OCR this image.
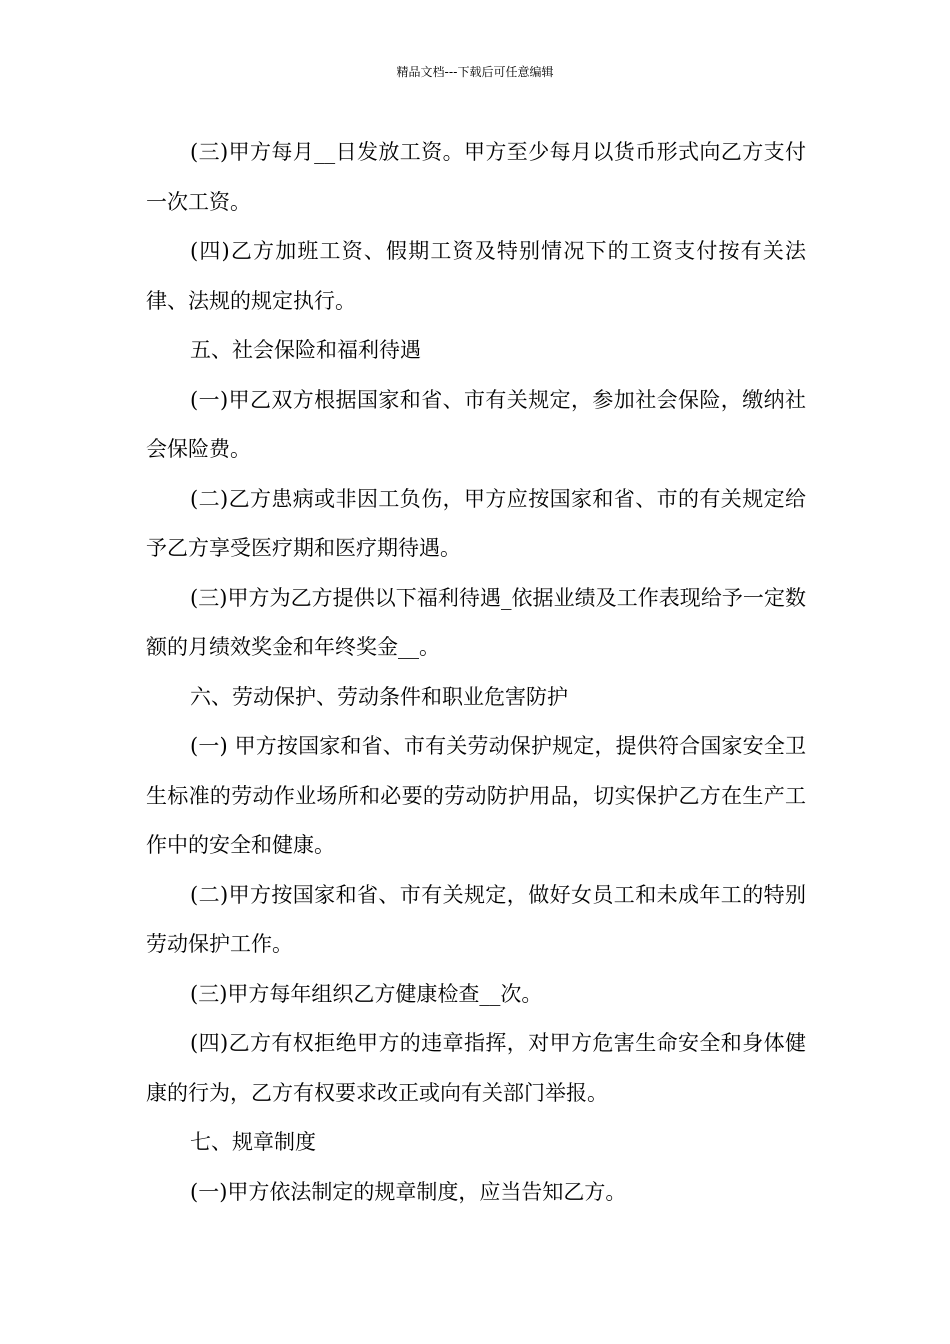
精品文档---下载后可任意编辑

(三)甲方每月__日发放工资。甲方至少每月以货币形式向乙方支付一次工资。

(四)乙方加班工资、假期工资及特别情况下的工资支付按有关法律、法规的规定执行。

五、社会保险和福利待遇

(一)甲乙双方根据国家和省、市有关规定，参加社会保险，缴纳社会保险费。

(二)乙方患病或非因工负伤，甲方应按国家和省、市的有关规定给予乙方享受医疗期和医疗期待遇。

(三)甲方为乙方提供以下福利待遇_依据业绩及工作表现给予一定数额的月绩效奖金和年终奖金__。

六、劳动保护、劳动条件和职业危害防护

(一) 甲方按国家和省、市有关劳动保护规定，提供符合国家安全卫生标准的劳动作业场所和必要的劳动防护用品，切实保护乙方在生产工作中的安全和健康。

(二)甲方按国家和省、市有关规定，做好女员工和未成年工的特别劳动保护工作。

(三)甲方每年组织乙方健康检查__次。

(四)乙方有权拒绝甲方的违章指挥，对甲方危害生命安全和身体健康的行为，乙方有权要求改正或向有关部门举报。

七、规章制度

(一)甲方依法制定的规章制度，应当告知乙方。
